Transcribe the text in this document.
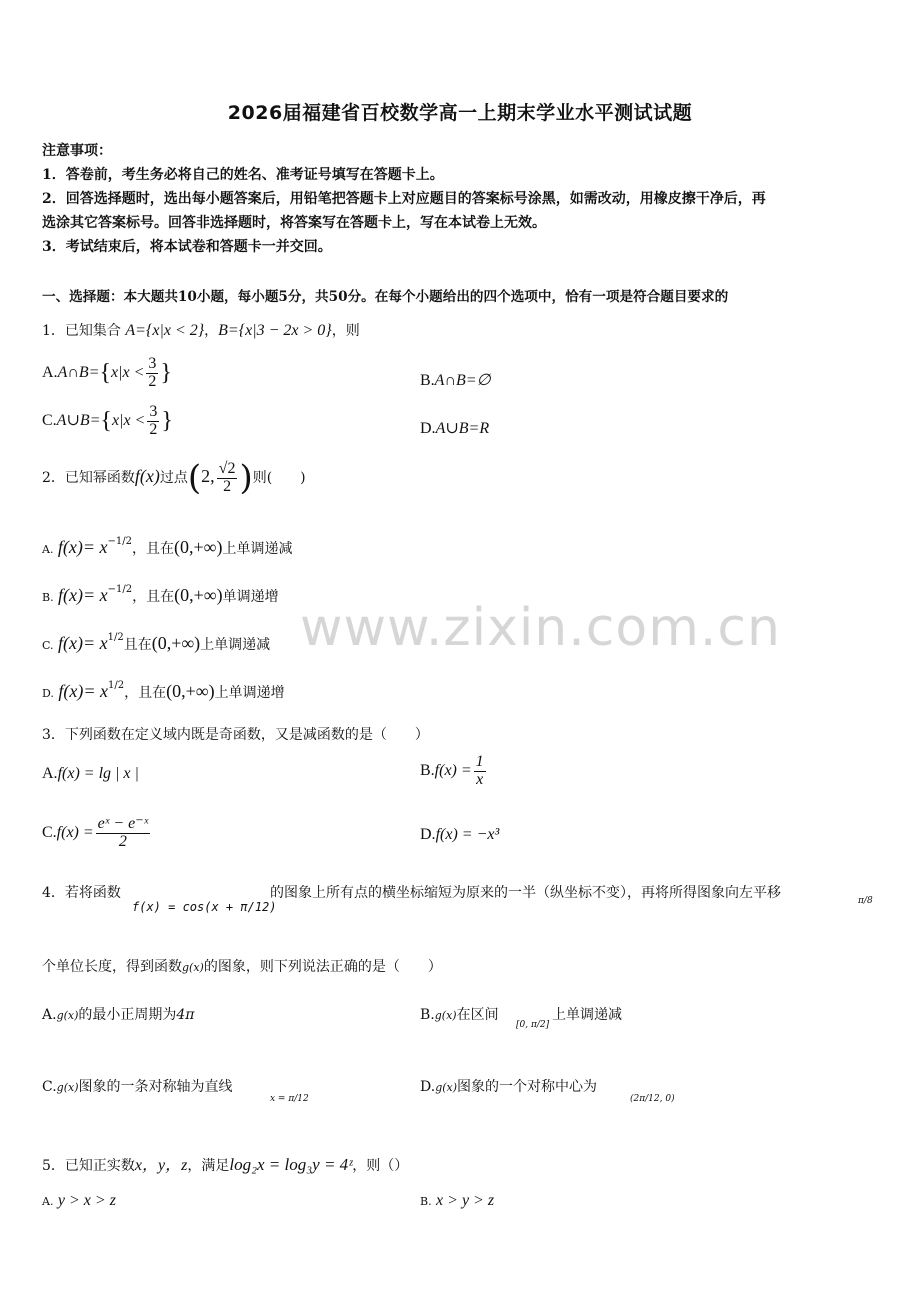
2026届福建省百校数学高一上期末学业水平测试试题
注意事项：
1．答卷前，考生务必将自己的姓名、准考证号填写在答题卡上。
2．回答选择题时，选出每小题答案后，用铅笔把答题卡上对应题目的答案标号涂黑，如需改动，用橡皮擦干净后，再
选涂其它答案标号。回答非选择题时，将答案写在答题卡上，写在本试卷上无效。
3．考试结束后，将本试卷和答题卡一并交回。
一、选择题：本大题共10小题，每小题5分，共50分。在每个小题给出的四个选项中，恰有一项是符合题目要求的
1．已知集合 A={x|x < 2}，B={x|3 − 2x > 0}，则
A.A∩B={x|x < $\frac{3}{2}$ }	B.A∩B=∅
C.A∪B={x|x < $\frac{3}{2}$ }	D.A∪B=R
2．已知幂函数f(x)过点(2, $\frac{√2}{2}$ )则(　　)
A. $f(x)= x^{-1/2}$，且在(0,+∞)上单调递减
B. $f(x)= x^{-1/2}$，且在(0,+∞)单调递增
C. $f(x)= x^{1/2}$且在(0,+∞)上单调递减
D. $f(x)= x^{1/2}$，且在(0,+∞)上单调递增
www.zixin.com.cn
3．下列函数在定义域内既是奇函数，又是减函数的是（　　）
A.f(x) = lg | x |	$B.f(x) = \frac{1}{x}$
$C.f(x) = \frac{\text{eˣ − e⁻ˣ}}{2}$	D.f(x) = −x³
4．若将函数
f(x) = cos(x + π/12)
的图象上所有点的横坐标缩短为原来的一半（纵坐标不变），再将所得图象向左平移	π/8
个单位长度，得到函数g(x)的图象，则下列说法正确的是（　　）
A.g(x)的最小正周期为4π	B.g(x)在区间
[0, π/2]
上单调递减
C.g(x)图象的一条对称轴为直线
x = π/12
D.g(x)图象的一个对称中心为
(2π/12, 0)
5．已知正实数x，y，z，满足log₂x = log₃y = 4ᶻ，则（）
A. y > x > z	B. x > y > z
